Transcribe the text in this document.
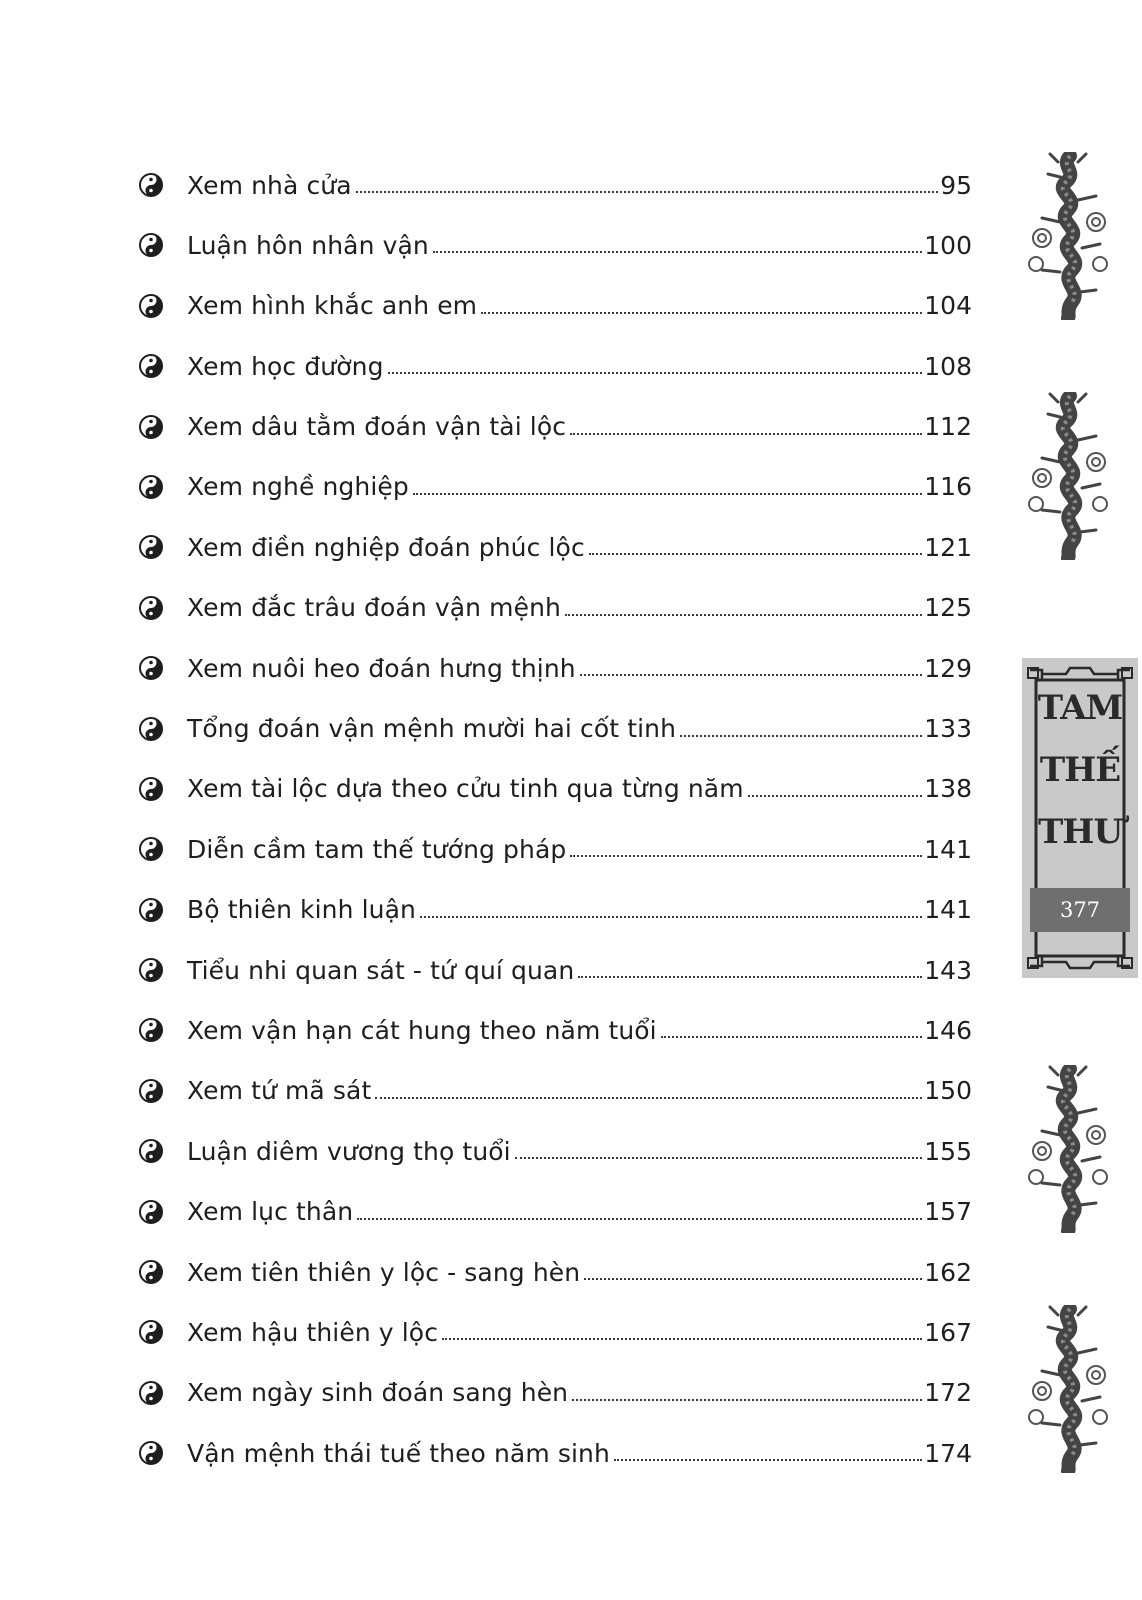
Xem nhà cửa	95
Luận hôn nhân vận	100
Xem hình khắc anh em	104
Xem học đường	108
Xem dâu tằm đoán vận tài lộc	112
Xem nghề nghiệp	116
Xem điền nghiệp đoán phúc lộc	121
Xem đắc trâu đoán vận mệnh	125
Xem nuôi heo đoán hưng thịnh	129
Tổng đoán vận mệnh mười hai cốt tinh	133
Xem tài lộc dựa theo cửu tinh qua từng năm	138
Diễn cầm tam thế tướng pháp	141
Bộ thiên kinh luận	141
Tiểu nhi quan sát - tứ quí quan	143
Xem vận hạn cát hung theo năm tuổi	146
Xem tứ mã sát	150
Luận diêm vương thọ tuổi	155
Xem lục thân	157
Xem tiên thiên y lộc - sang hèn	162
Xem hậu thiên y lộc	167
Xem ngày sinh đoán sang hèn	172
Vận mệnh thái tuế theo năm sinh	174
TAM
THẾ
THƯ
377
